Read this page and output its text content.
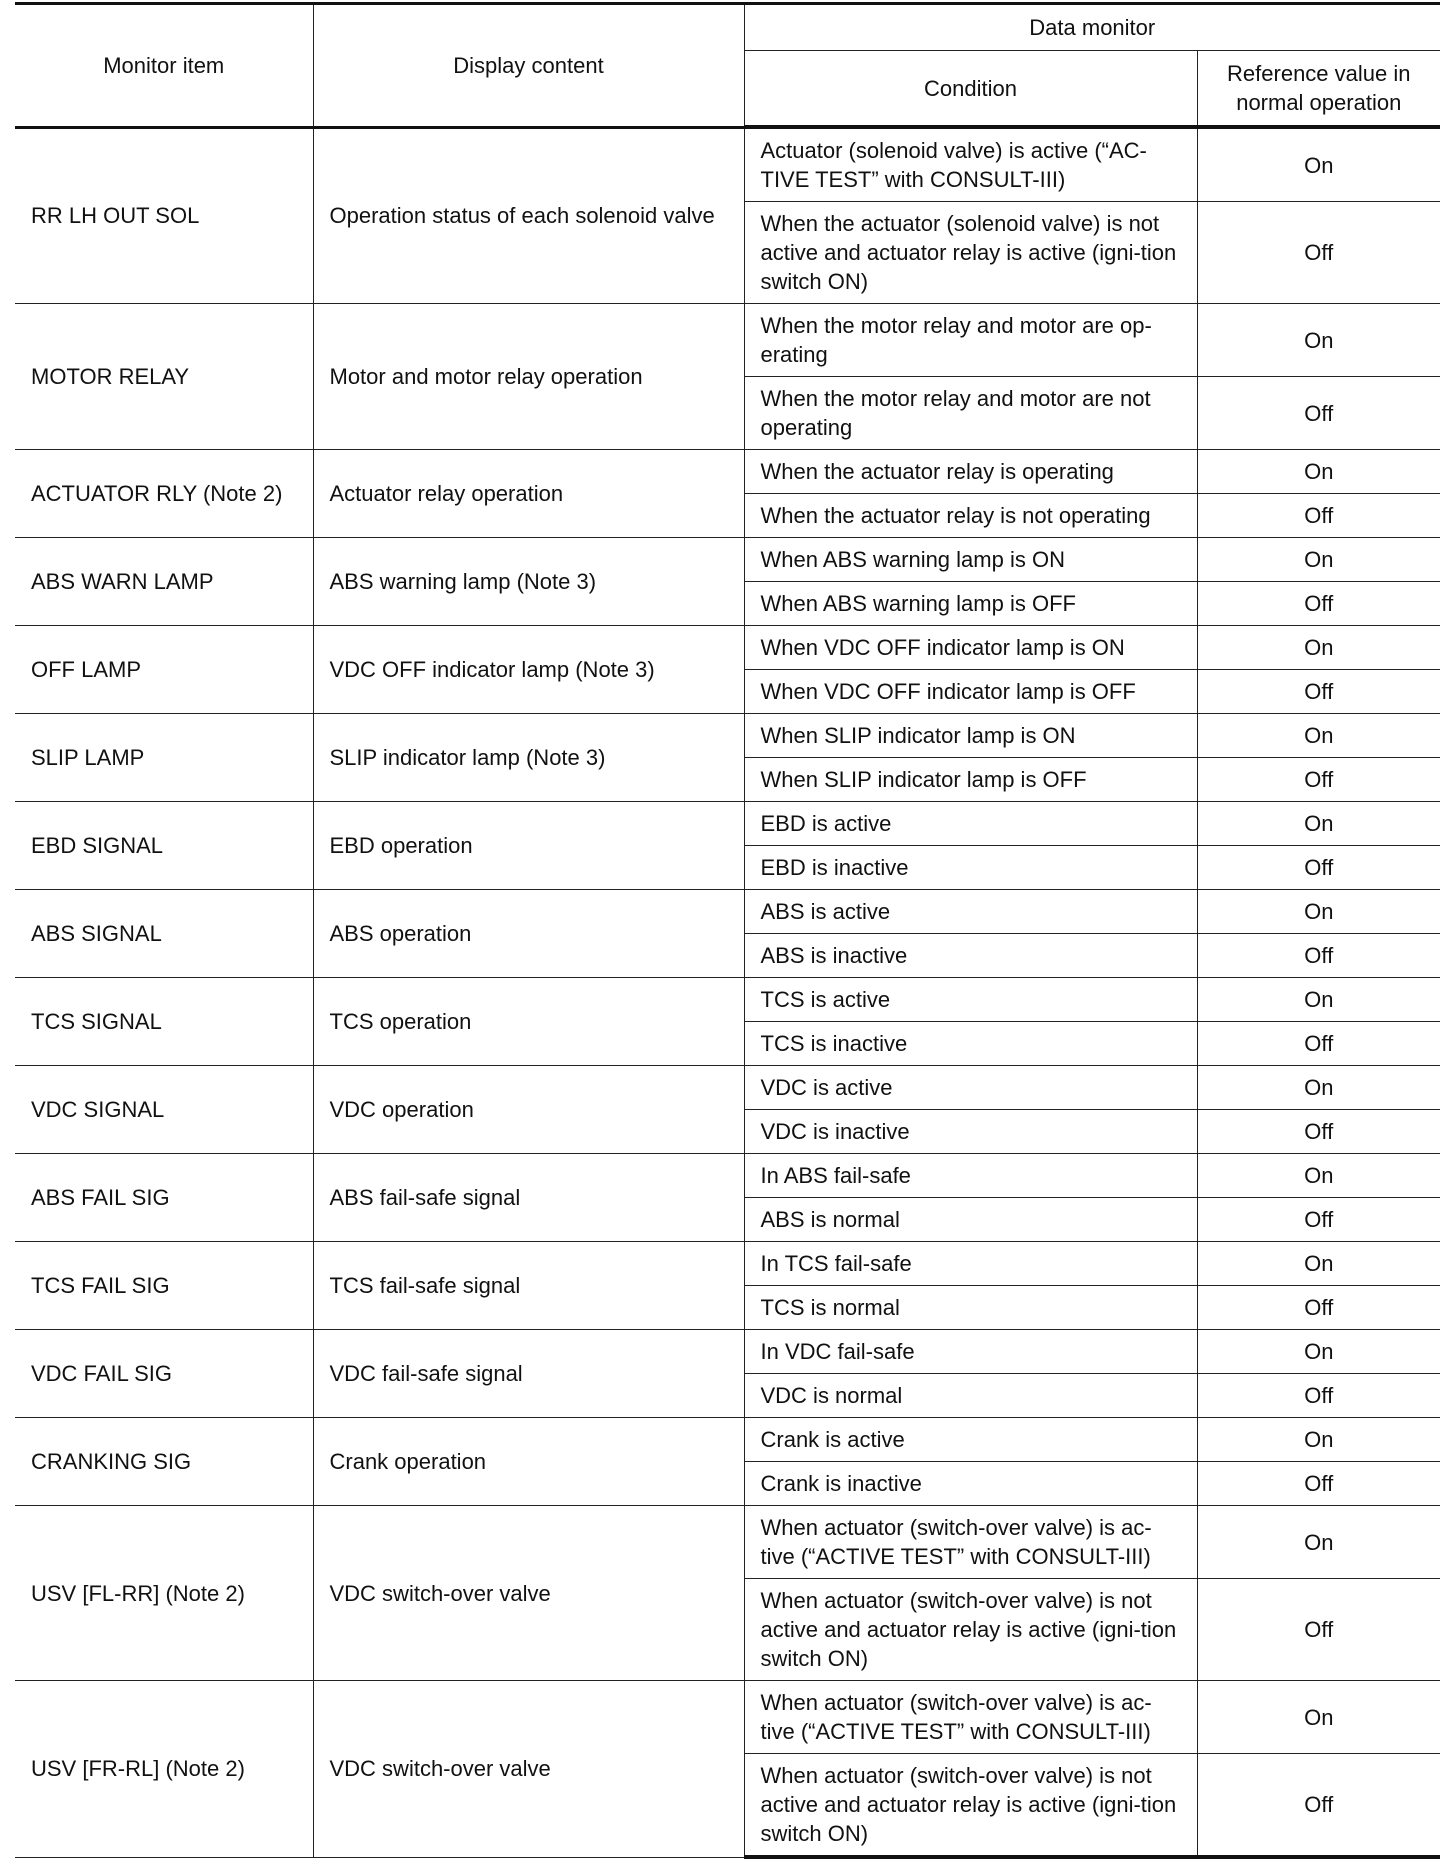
Monitor item	Display content	Data monitor	
		Condition	Reference value in normal operation
RR LH OUT SOL	Operation status of each solenoid valve	Actuator (solenoid valve) is active (“AC-TIVE TEST” with CONSULT-III)	On
		When the actuator (solenoid valve) is not active and actuator relay is active (igni-tion switch ON)	Off
MOTOR RELAY	Motor and motor relay operation	When the motor relay and motor are op-erating	On
		When the motor relay and motor are not operating	Off
ACTUATOR RLY (Note 2)	Actuator relay operation	When the actuator relay is operating	On
		When the actuator relay is not operating	Off
ABS WARN LAMP	ABS warning lamp (Note 3)	When ABS warning lamp is ON	On
		When ABS warning lamp is OFF	Off
OFF LAMP	VDC OFF indicator lamp (Note 3)	When VDC OFF indicator lamp is ON	On
		When VDC OFF indicator lamp is OFF	Off
SLIP LAMP	SLIP indicator lamp (Note 3)	When SLIP indicator lamp is ON	On
		When SLIP indicator lamp is OFF	Off
EBD SIGNAL	EBD operation	EBD is active	On
		EBD is inactive	Off
ABS SIGNAL	ABS operation	ABS is active	On
		ABS is inactive	Off
TCS SIGNAL	TCS operation	TCS is active	On
		TCS is inactive	Off
VDC SIGNAL	VDC operation	VDC is active	On
		VDC is inactive	Off
ABS FAIL SIG	ABS fail-safe signal	In ABS fail-safe	On
		ABS is normal	Off
TCS FAIL SIG	TCS fail-safe signal	In TCS fail-safe	On
		TCS is normal	Off
VDC FAIL SIG	VDC fail-safe signal	In VDC fail-safe	On
		VDC is normal	Off
CRANKING SIG	Crank operation	Crank is active	On
		Crank is inactive	Off
USV [FL-RR] (Note 2)	VDC switch-over valve	When actuator (switch-over valve) is ac-tive (“ACTIVE TEST” with CONSULT-III)	On
		When actuator (switch-over valve) is not active and actuator relay is active (igni-tion switch ON)	Off
USV [FR-RL] (Note 2)	VDC switch-over valve	When actuator (switch-over valve) is ac-tive (“ACTIVE TEST” with CONSULT-III)	On
		When actuator (switch-over valve) is not active and actuator relay is active (igni-tion switch ON)	Off
